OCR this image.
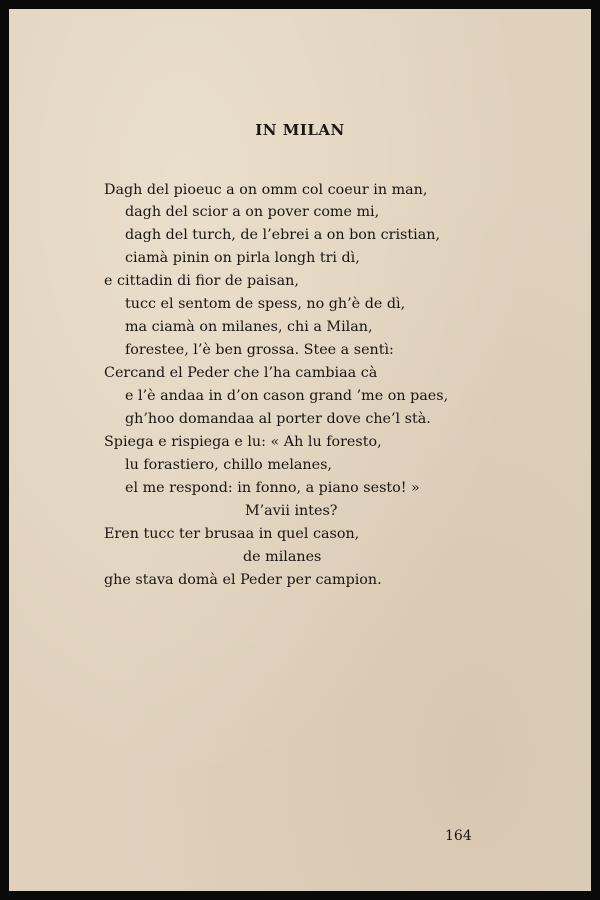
IN MILAN
Dagh del pioeuc a on omm col coeur in man,
dagh del scior a on pover come mi,
dagh del turch, de l’ebrei a on bon cristian,
ciamà pinin on pirla longh tri dì,
e cittadin di fior de paisan,
tucc el sentom de spess, no gh’è de dì,
ma ciamà on milanes, chi a Milan,
forestee, l’è ben grossa. Stee a sentì:
Cercand el Peder che l’ha cambiaa cà
e l’è andaa in d’on cason grand ’me on paes,
gh’hoo domandaa al porter dove che’l stà.
Spiega e rispiega e lu: « Ah lu foresto,
lu forastiero, chillo melanes,
el me respond: in fonno, a piano sesto! »
M’avii intes?
Eren tucc ter brusaa in quel cason,
de milanes
ghe stava domà el Peder per campion.
164
